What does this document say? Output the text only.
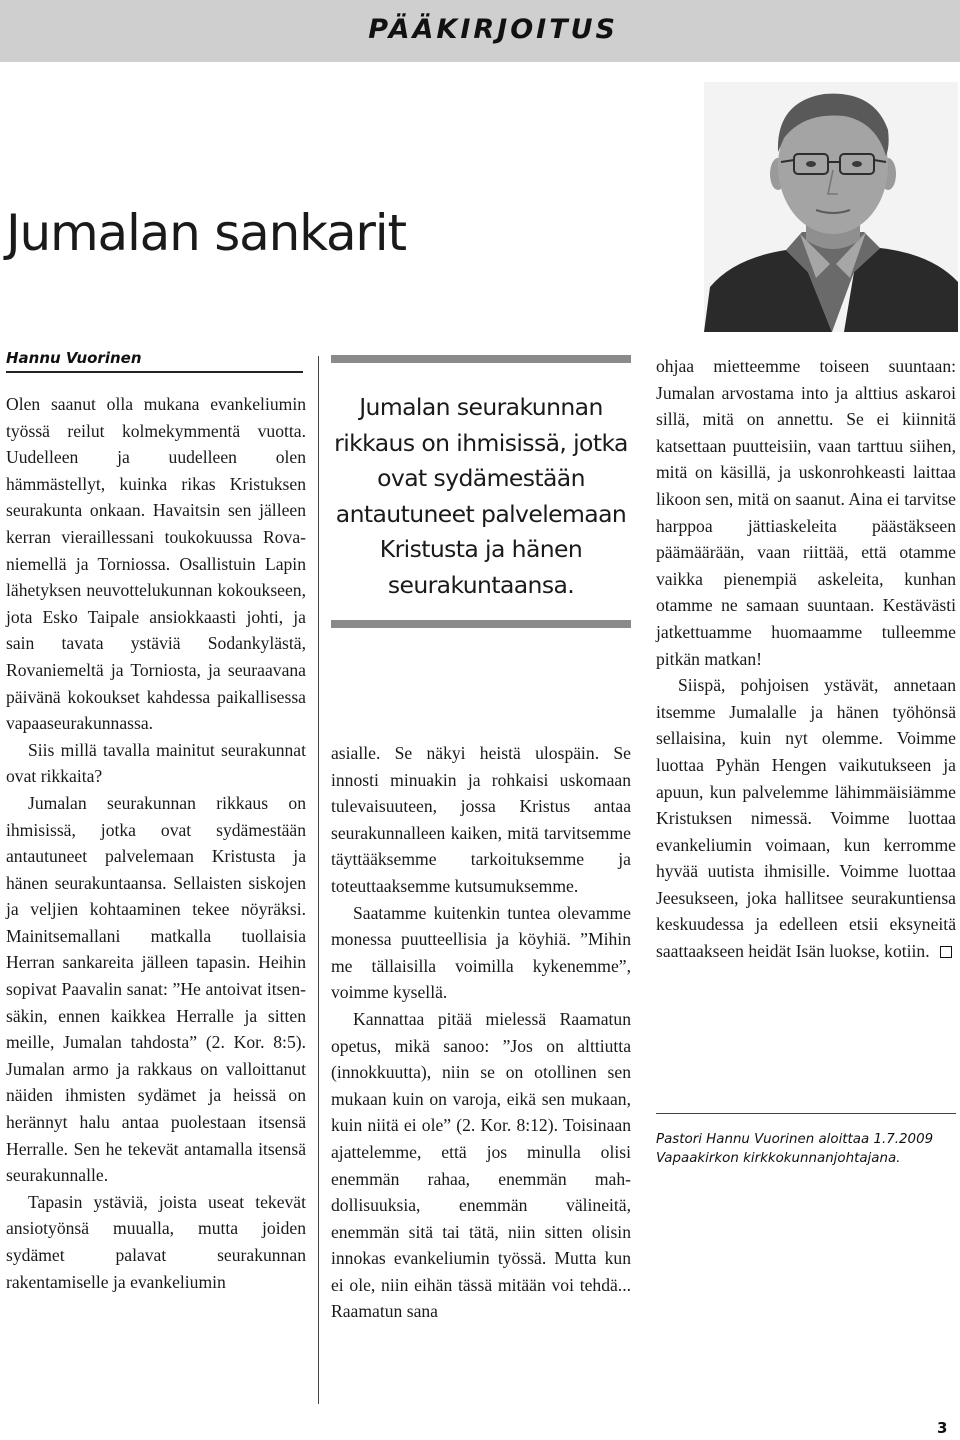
PÄÄKIRJOITUS
Jumalan sankarit
Hannu Vuorinen

Olen saanut olla mukana evankeliumin työssä reilut kolmekymmentä vuotta. Uudelleen ja uudelleen olen hämmästellyt, kuinka rikas Kristuksen seurakunta onkaan. Havaitsin sen jälleen kerran vieraillessani toukokuussa Rovaniemellä ja Torniossa. Osallistuin Lapin lähetyksen neuvottelukunnan kokoukseen, jota Esko Taipale ansiokkaasti johti, ja sain tavata ystäviä Sodankylästä, Rovaniemeltä ja Torniosta, ja seuraavana päivänä kokoukset kahdessa paikallisessa vapaaseurakunnassa.

Siis millä tavalla mainitut seurakunnat ovat rikkaita?

Jumalan seurakunnan rikkaus on ihmisissä, jotka ovat sydämestään antautuneet palvelemaan Kristusta ja hänen seurakuntaansa. Sellaisten siskojen ja veljien kohtaaminen tekee nöyräksi. Mainitsemallani matkalla tuollaisia Herran sankareita jälleen tapasin. Heihin sopivat Paavalin sanat: ”He antoivat itsensäkin, ennen kaikkea Herralle ja sitten meille, Jumalan tahdosta” (2. Kor. 8:5). Jumalan armo ja rakkaus on valloittanut näiden ihmisten sydämet ja heissä on herännyt halu antaa puolestaan itsensä Herralle. Sen he tekevät antamalla itsensä seurakunnalle.

Tapasin ystäviä, joista useat tekevät ansiotyönsä muualla, mutta joiden sydämet palavat seurakunnan rakentamiselle ja evankeliumin

Jumalan seurakunnan rikkaus on ihmisissä, jotka ovat sydämestään antautuneet palvelemaan Kristusta ja hänen seurakuntaansa.

asialle. Se näkyi heistä ulospäin. Se innosti minuakin ja rohkaisi uskomaan tulevaisuuteen, jossa Kristus antaa seurakunnalleen kaiken, mitä tarvitsemme täyttääksemme tarkoituksemme ja toteuttaaksemme kutsumuksemme.

Saatamme kuitenkin tuntea olevamme monessa puutteellisia ja köyhiä. ”Mihin me tällaisilla voimilla kykenemme”, voimme kysellä.

Kannattaa pitää mielessä Raamatun opetus, mikä sanoo: ”Jos on alttiutta (innokkuutta), niin se on otollinen sen mukaan kuin on varoja, eikä sen mukaan, kuin niitä ei ole” (2. Kor. 8:12). Toisinaan ajattelemme, että jos minulla olisi enemmän rahaa, enemmän mahdollisuuksia, enemmän välineitä, enemmän sitä tai tätä, niin sitten olisin innokas evankeliumin työssä. Mutta kun ei ole, niin eihän tässä mitään voi tehdä... Raamatun sana

ohjaa mietteemme toiseen suuntaan: Jumalan arvostama into ja alttius askaroi sillä, mitä on annettu. Se ei kiinnitä katsettaan puutteisiin, vaan tarttuu siihen, mitä on käsillä, ja uskonrohkeasti laittaa likoon sen, mitä on saanut. Aina ei tarvitse harppoa jättiaskeleita päästäkseen päämäärään, vaan riittää, että otamme vaikka pienempiä askeleita, kunhan otamme ne samaan suuntaan. Kestävästi jatkettuamme huomaamme tulleemme pitkän matkan!

Siispä, pohjoisen ystävät, annetaan itsemme Jumalalle ja hänen työhönsä sellaisina, kuin nyt olemme. Voimme luottaa Pyhän Hengen vaikutukseen ja apuun, kun palvelemme lähimmäisiämme Kristuksen nimessä. Voimme luottaa evankeliumin voimaan, kun kerromme hyvää uutista ihmisille. Voimme luottaa Jeesukseen, joka hallitsee seurakuntiensa keskuudessa ja edelleen etsii eksyneitä saattaakseen heidät Isän luokse, kotiin.

Pastori Hannu Vuorinen aloittaa 1.7.2009 Vapaakirkon kirkkokunnanjohtajana.
3
